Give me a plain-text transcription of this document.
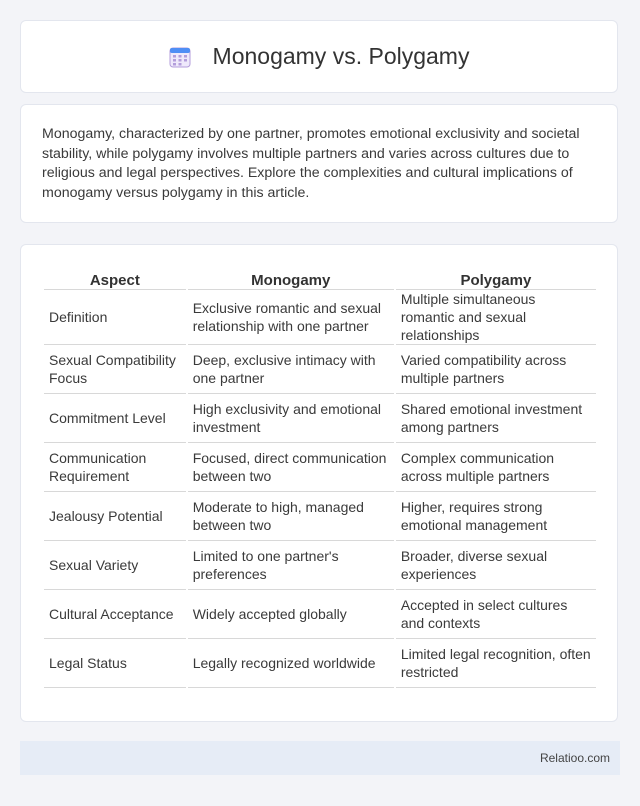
Monogamy vs. Polygamy

Monogamy, characterized by one partner, promotes emotional exclusivity and societal stability, while polygamy involves multiple partners and varies across cultures due to religious and legal perspectives. Explore the complexities and cultural implications of monogamy versus polygamy in this article.

Aspect	Monogamy	Polygamy
Definition	Exclusive romantic and sexual relationship with one partner	Multiple simultaneous romantic and sexual relationships
Sexual Compatibility Focus	Deep, exclusive intimacy with one partner	Varied compatibility across multiple partners
Commitment Level	High exclusivity and emotional investment	Shared emotional investment among partners
Communication Requirement	Focused, direct communication between two	Complex communication across multiple partners
Jealousy Potential	Moderate to high, managed between two	Higher, requires strong emotional management
Sexual Variety	Limited to one partner's preferences	Broader, diverse sexual experiences
Cultural Acceptance	Widely accepted globally	Accepted in select cultures and contexts
Legal Status	Legally recognized worldwide	Limited legal recognition, often restricted
Relatioo.com
